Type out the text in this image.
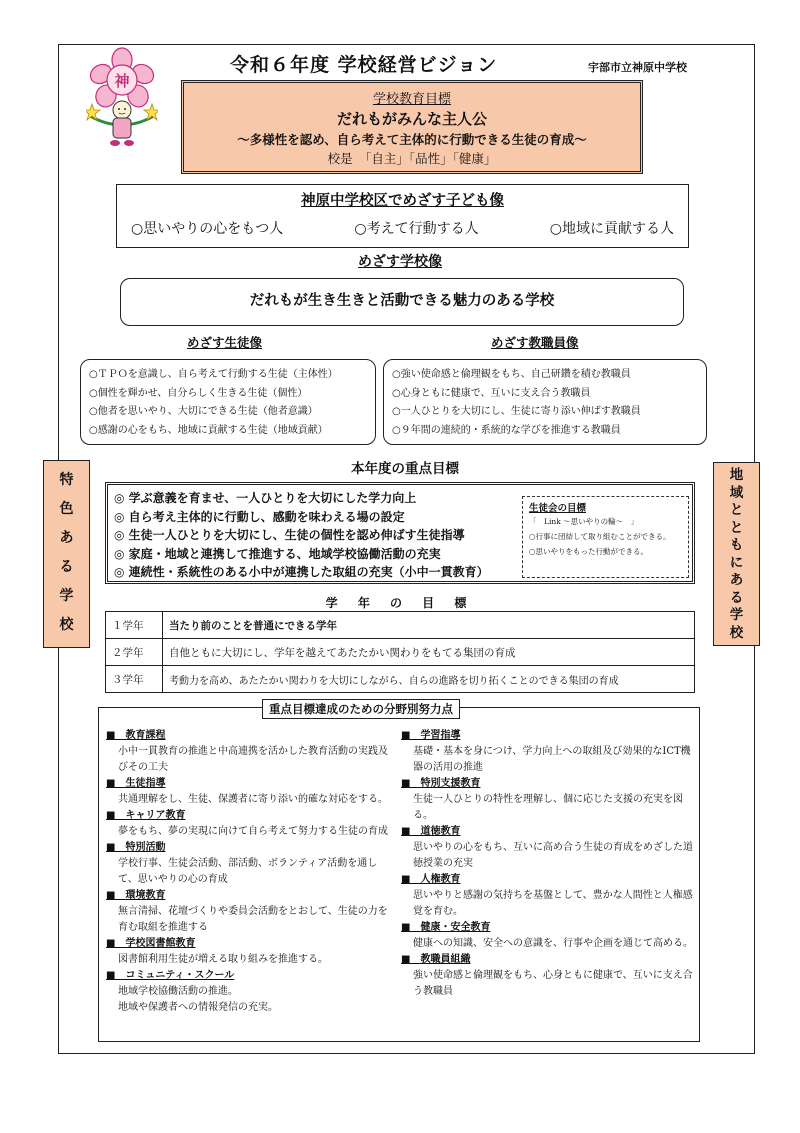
神
令和６年度 学校経営ビジョン	宇部市立神原中学校
学校教育目標
だれもがみんな主人公
～多様性を認め、自ら考えて主体的に行動できる生徒の育成～
校是　「自主」「品性」「健康」
神原中学校区でめざす子ども像
○思いやりの心をもつ人	○考えて行動する人	○地域に貢献する人
めざす学校像
だれもが生き生きと活動できる魅力のある学校
めざす生徒像	めざす教職員像
○ＴＰＯを意識し、自ら考えて行動する生徒（主体性）
○個性を輝かせ、自分らしく生きる生徒（個性）
○他者を思いやり、大切にできる生徒（他者意識）
○感謝の心をもち、地域に貢献する生徒（地域貢献）
○強い使命感と倫理観をもち、自己研鑽を積む教職員
○心身ともに健康で、互いに支え合う教職員
○一人ひとりを大切にし、生徒に寄り添い伸ばす教職員
○９年間の連続的・系統的な学びを推進する教職員
特
色
あ
る
学
校
地
域
と
と
も
に
あ
る
学
校
本年度の重点目標
◎ 学ぶ意義を育ませ、一人ひとりを大切にした学力向上
◎ 自ら考え主体的に行動し、感動を味わえる場の設定
◎ 生徒一人ひとりを大切にし、生徒の個性を認め伸ばす生徒指導
◎ 家庭・地域と連携して推進する、地域学校協働活動の充実
◎ 連続性・系統性のある小中が連携した取組の充実（小中一貫教育）
生徒会の目標
「　Link ～思いやりの輪～　」
○行事に団結して取り組むことができる。
○思いやりをもった行動ができる。
学 年 の 目 標
１学年	当たり前のことを普通にできる学年
２学年	自他ともに大切にし、学年を越えてあたたかい関わりをもてる集団の育成
３学年	考動力を高め、あたたかい関わりを大切にしながら、自らの進路を切り拓くことのできる集団の育成
■　教育課程
小中一貫教育の推進と中高連携を活かした教育活動の実践及びその工夫
■　生徒指導
共通理解をし、生徒、保護者に寄り添い的確な対応をする。
■　キャリア教育
夢をもち、夢の実現に向けて自ら考えて努力する生徒の育成
■　特別活動
学校行事、生徒会活動、部活動、ボランティア活動を通して、思いやりの心の育成
■　環境教育
無言清掃、花壇づくりや委員会活動をとおして、生徒の力を育む取組を推進する
■　学校図書館教育
図書館利用生徒が増える取り組みを推進する。
■　コミュニティ・スクール
地域学校協働活動の推進。
地域や保護者への情報発信の充実。
■　学習指導
基礎・基本を身につけ、学力向上への取組及び効果的なICT機器の活用の推進
■　特別支援教育
生徒一人ひとりの特性を理解し、個に応じた支援の充実を図る。
■　道徳教育
思いやりの心をもち、互いに高め合う生徒の育成をめざした道徳授業の充実
■　人権教育
思いやりと感謝の気持ちを基盤として、豊かな人間性と人権感覚を育む。
■　健康・安全教育
健康への知識、安全への意識を、行事や企画を通じて高める。
■　教職員組織
強い使命感と倫理観をもち、心身ともに健康で、互いに支え合う教職員
重点目標達成のための分野別努力点
